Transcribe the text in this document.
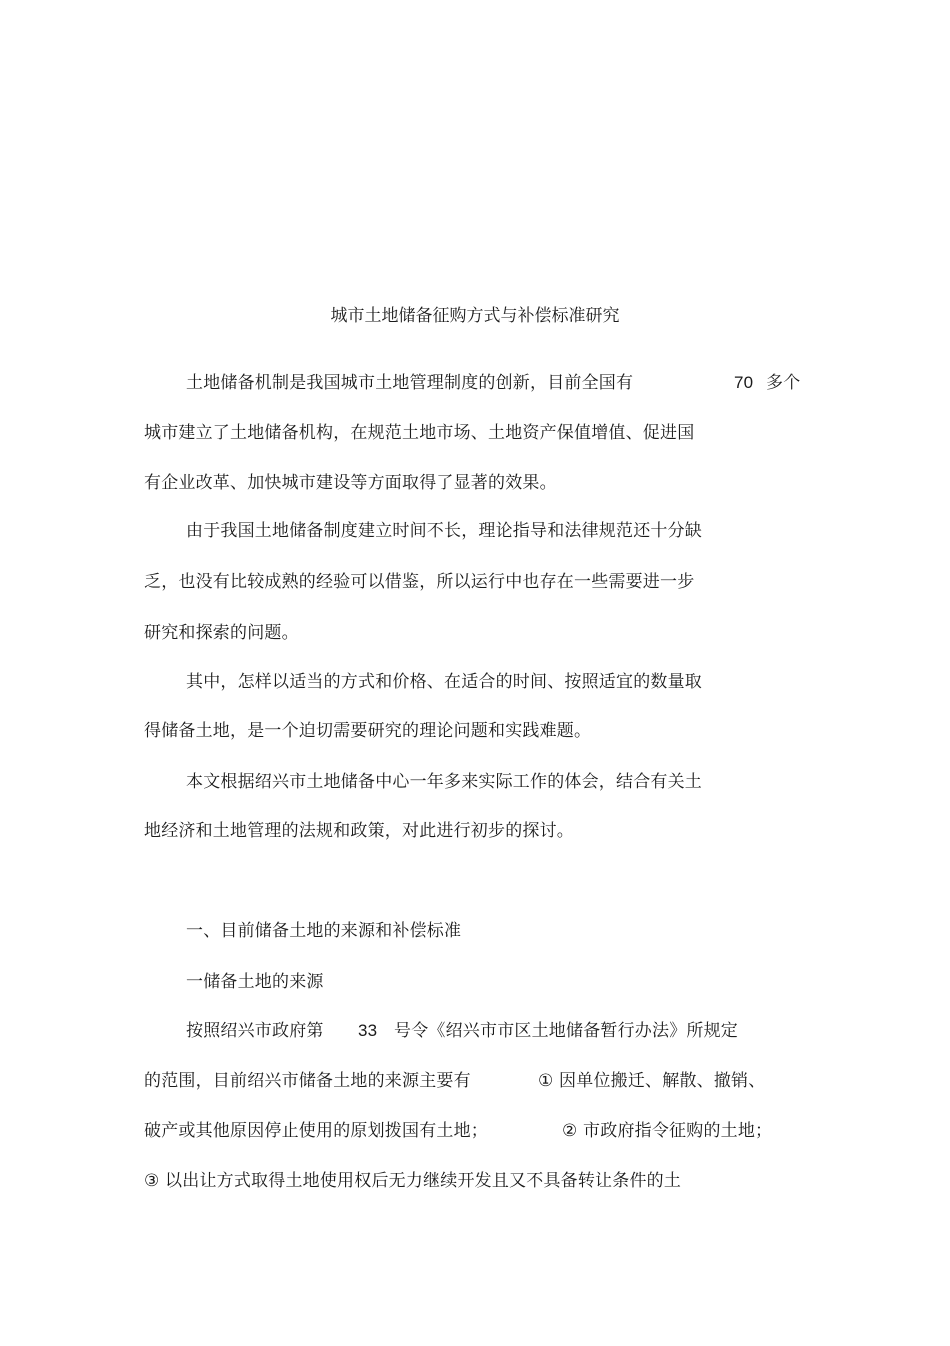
城市土地储备征购方式与补偿标准研究
土地储备机制是我国城市土地管理制度的创新，目前全国有	70 多个
城市建立了土地储备机构，在规范土地市场、土地资产保值增值、促进国
有企业改革、加快城市建设等方面取得了显著的效果。
由于我国土地储备制度建立时间不长，理论指导和法律规范还十分缺
乏，也没有比较成熟的经验可以借鉴，所以运行中也存在一些需要进一步
研究和探索的问题。
其中，怎样以适当的方式和价格、在适合的时间、按照适宜的数量取
得储备土地，是一个迫切需要研究的理论问题和实践难题。
本文根据绍兴市土地储备中心一年多来实际工作的体会，结合有关土
地经济和土地管理的法规和政策，对此进行初步的探讨。
一、目前储备土地的来源和补偿标准
一储备土地的来源
按照绍兴市政府第 33 号令《绍兴市市区土地储备暂行办法》所规定
的范围，目前绍兴市储备土地的来源主要有	① 因单位搬迁、解散、撤销、
破产或其他原因停止使用的原划拨国有土地；	② 市政府指令征购的土地；
③ 以出让方式取得土地使用权后无力继续开发且又不具备转让条件的土
